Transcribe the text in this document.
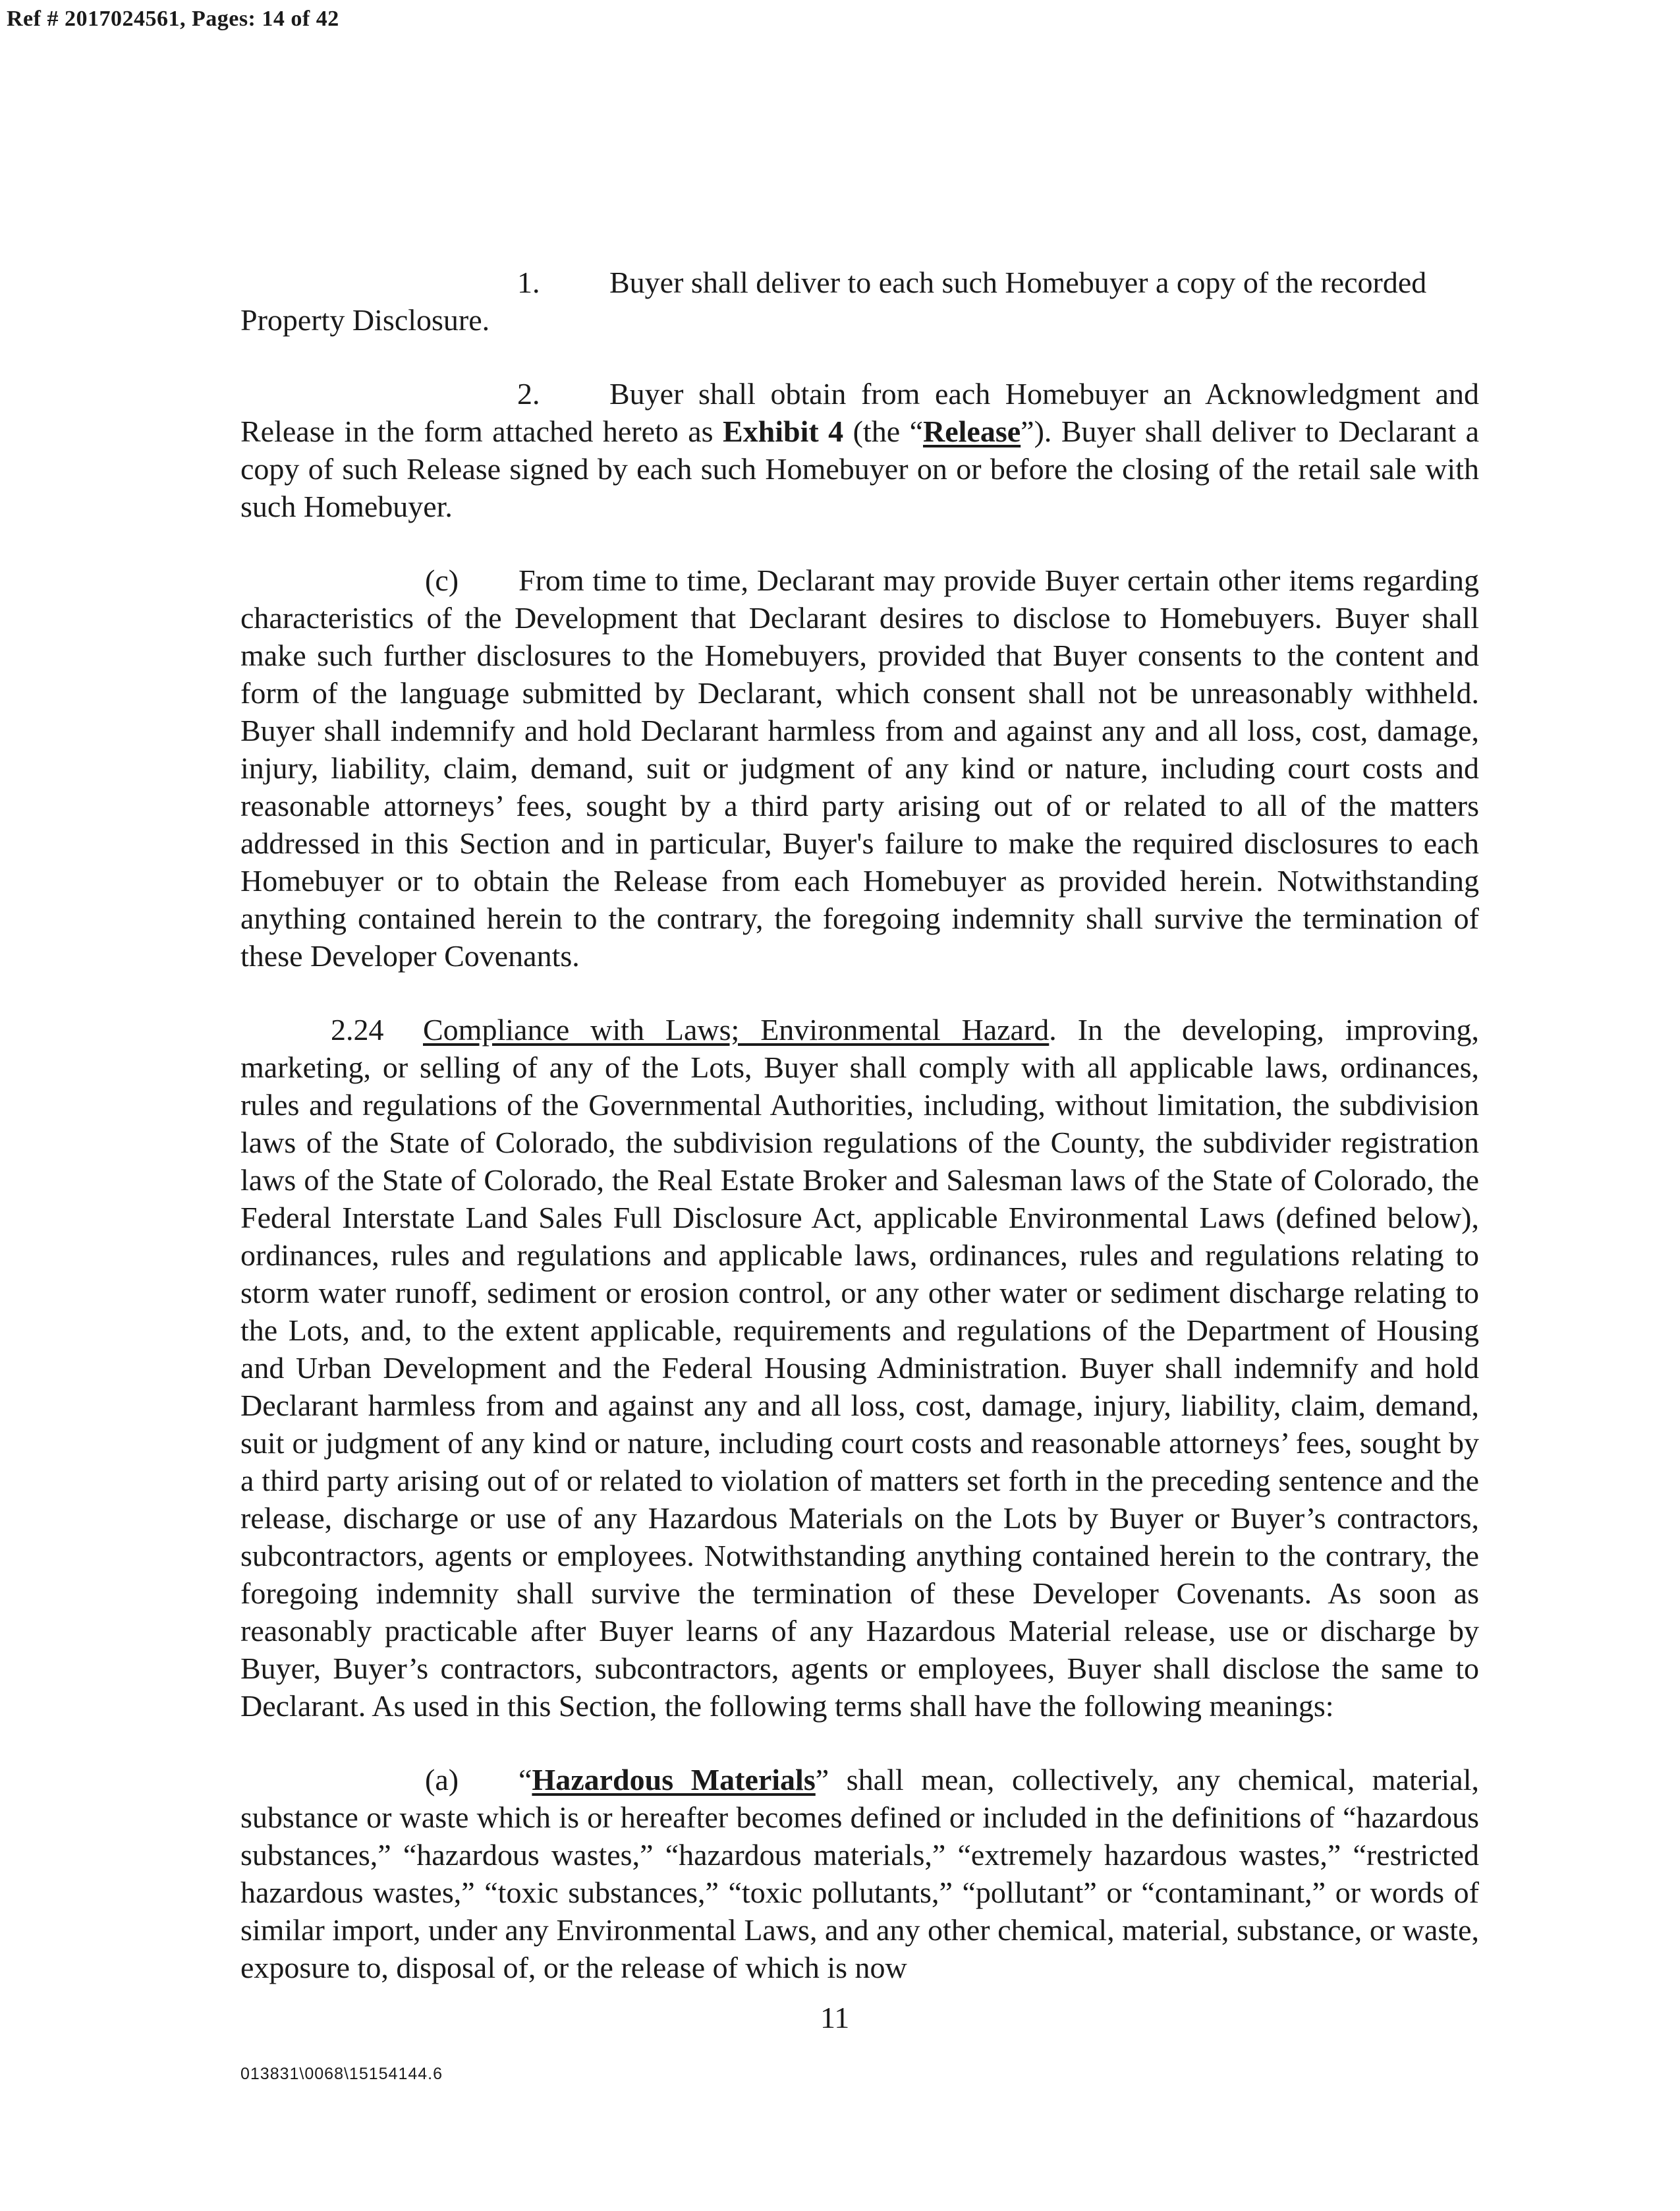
Ref # 2017024561, Pages: 14 of 42

1. Buyer shall deliver to each such Homebuyer a copy of the recorded

Property Disclosure.

2. Buyer shall obtain from each Homebuyer an Acknowledgment and Release in the form attached hereto as Exhibit 4 (the “Release”). Buyer shall deliver to Declarant a copy of such Release signed by each such Homebuyer on or before the closing of the retail sale with such Homebuyer.

(c) From time to time, Declarant may provide Buyer certain other items regarding characteristics of the Development that Declarant desires to disclose to Homebuyers. Buyer shall make such further disclosures to the Homebuyers, provided that Buyer consents to the content and form of the language submitted by Declarant, which consent shall not be unreasonably withheld. Buyer shall indemnify and hold Declarant harmless from and against any and all loss, cost, damage, injury, liability, claim, demand, suit or judgment of any kind or nature, including court costs and reasonable attorneys’ fees, sought by a third party arising out of or related to all of the matters addressed in this Section and in particular, Buyer's failure to make the required disclosures to each Homebuyer or to obtain the Release from each Homebuyer as provided herein. Notwithstanding anything contained herein to the contrary, the foregoing indemnity shall survive the termination of these Developer Covenants.

2.24 Compliance with Laws; Environmental Hazard. In the developing, improving, marketing, or selling of any of the Lots, Buyer shall comply with all applicable laws, ordinances, rules and regulations of the Governmental Authorities, including, without limitation, the subdivision laws of the State of Colorado, the subdivision regulations of the County, the subdivider registration laws of the State of Colorado, the Real Estate Broker and Salesman laws of the State of Colorado, the Federal Interstate Land Sales Full Disclosure Act, applicable Environmental Laws (defined below), ordinances, rules and regulations and applicable laws, ordinances, rules and regulations relating to storm water runoff, sediment or erosion control, or any other water or sediment discharge relating to the Lots, and, to the extent applicable, requirements and regulations of the Department of Housing and Urban Development and the Federal Housing Administration. Buyer shall indemnify and hold Declarant harmless from and against any and all loss, cost, damage, injury, liability, claim, demand, suit or judgment of any kind or nature, including court costs and reasonable attorneys’ fees, sought by a third party arising out of or related to violation of matters set forth in the preceding sentence and the release, discharge or use of any Hazardous Materials on the Lots by Buyer or Buyer’s contractors, subcontractors, agents or employees. Notwithstanding anything contained herein to the contrary, the foregoing indemnity shall survive the termination of these Developer Covenants. As soon as reasonably practicable after Buyer learns of any Hazardous Material release, use or discharge by Buyer, Buyer’s contractors, subcontractors, agents or employees, Buyer shall disclose the same to Declarant. As used in this Section, the following terms shall have the following meanings:

(a) “Hazardous Materials” shall mean, collectively, any chemical, material, substance or waste which is or hereafter becomes defined or included in the definitions of “hazardous substances,” “hazardous wastes,” “hazardous materials,” “extremely hazardous wastes,” “restricted hazardous wastes,” “toxic substances,” “toxic pollutants,” “pollutant” or “contaminant,” or words of similar import, under any Environmental Laws, and any other chemical, material, substance, or waste, exposure to, disposal of, or the release of which is now

11
013831\0068\15154144.6
